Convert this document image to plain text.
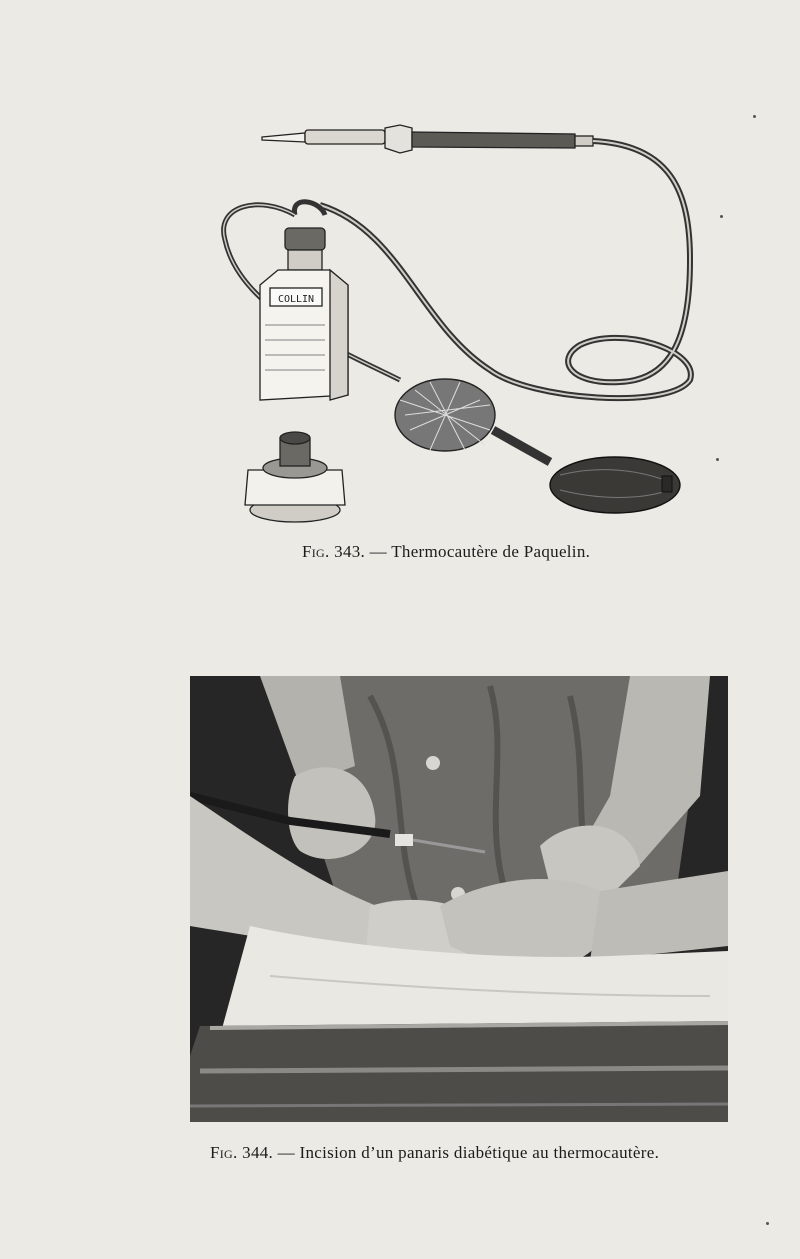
COLLIN
Fig. 343. — Thermocautère de Paquelin.
Fig. 344. — Incision d’un panaris diabétique au thermocautère.
